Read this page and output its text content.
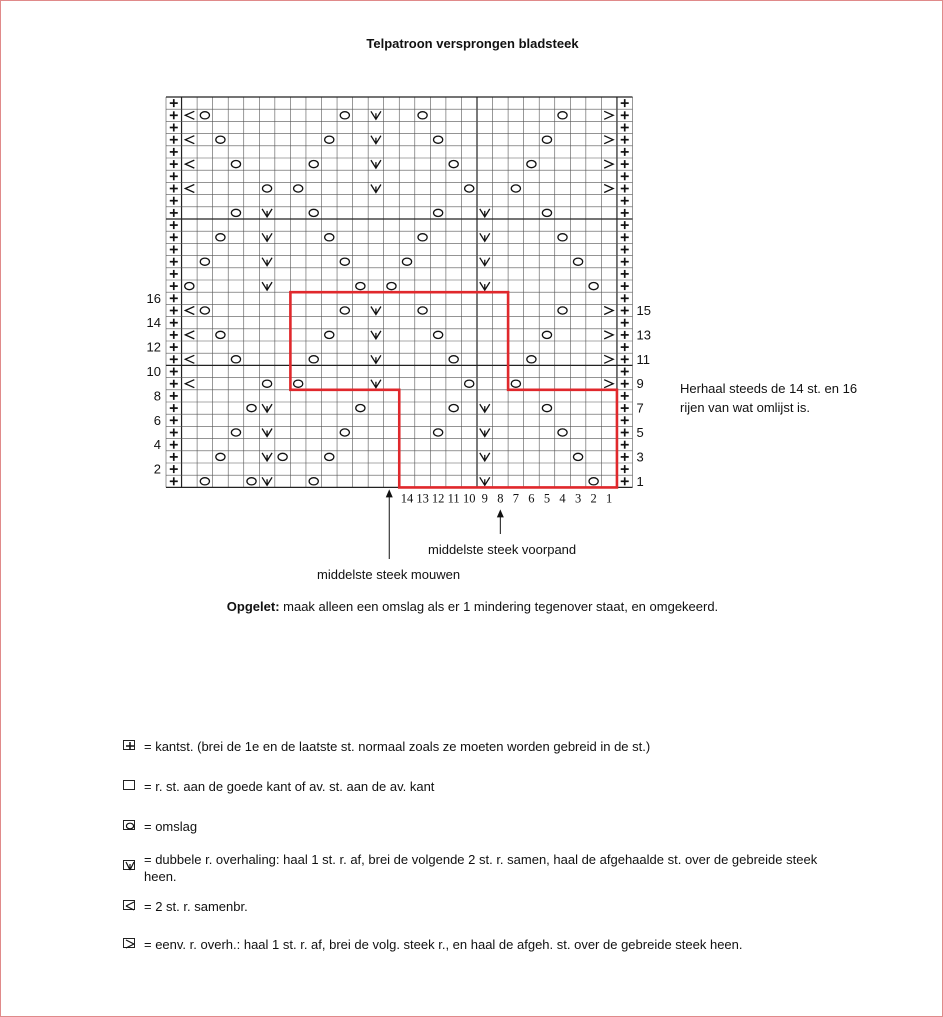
Telpatroon versprongen bladsteek
16
14
12
10
8
6
4
2
15
13
11
9
7
5
3
1
14 13 12 11 10 9 8 7 6 5 4 3 2 1
Herhaal steeds de 14 st. en 16 rijen van wat omlijst is.
middelste steek voorpand
middelste steek mouwen
Opgelet: maak alleen een omslag als er 1 mindering tegenover staat, en omgekeerd.
= kantst. (brei de 1e en de laatste st. normaal zoals ze moeten worden gebreid in de st.)
= r. st. aan de goede kant of av. st. aan de av. kant
= omslag
= dubbele r. overhaling: haal 1 st. r. af, brei de volgende 2 st. r. samen, haal de afgehaalde st. over de gebreide steek heen.
= 2 st. r. samenbr.
= eenv. r. overh.: haal 1 st. r. af, brei de volg. steek r., en haal de afgeh. st. over de gebreide steek heen.
